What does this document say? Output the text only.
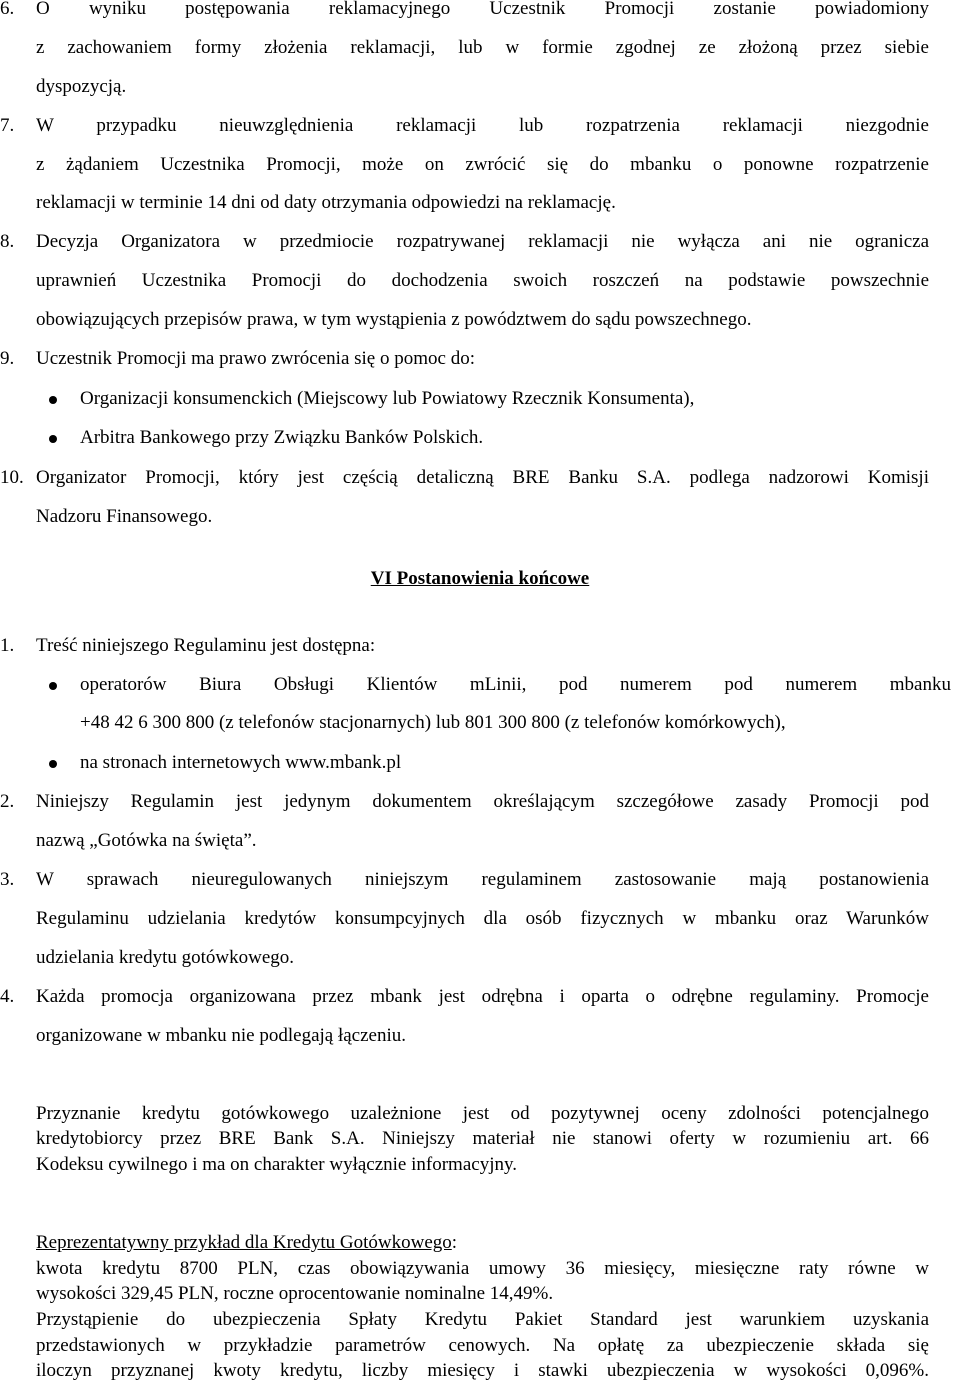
6. O wyniku postępowania reklamacyjnego Uczestnik Promocji zostanie powiadomiony
z zachowaniem formy złożenia reklamacji, lub w formie zgodnej ze złożoną przez siebie
dyspozycją.
7. W przypadku nieuwzględnienia reklamacji lub rozpatrzenia reklamacji niezgodnie
z żądaniem Uczestnika Promocji, może on zwrócić się do mbanku o ponowne rozpatrzenie
reklamacji w terminie 14 dni od daty otrzymania odpowiedzi na reklamację.
8. Decyzja Organizatora w przedmiocie rozpatrywanej reklamacji nie wyłącza ani nie ogranicza
uprawnień Uczestnika Promocji do dochodzenia swoich roszczeń na podstawie powszechnie
obowiązujących przepisów prawa, w tym wystąpienia z powództwem do sądu powszechnego.
9. Uczestnik Promocji ma prawo zwrócenia się o pomoc do:
Organizacji konsumenckich (Miejscowy lub Powiatowy Rzecznik Konsumenta),
Arbitra Bankowego przy Związku Banków Polskich.
10. Organizator Promocji, który jest częścią detaliczną BRE Banku S.A. podlega nadzorowi Komisji
Nadzoru Finansowego.
VI Postanowienia końcowe
1. Treść niniejszego Regulaminu jest dostępna:
operatorów Biura Obsługi Klientów mLinii, pod numerem pod numerem mbanku
+48 42 6 300 800 (z telefonów stacjonarnych) lub 801 300 800 (z telefonów komórkowych),
na stronach internetowych www.mbank.pl
2. Niniejszy Regulamin jest jedynym dokumentem określającym szczegółowe zasady Promocji pod
nazwą „Gotówka na święta”.
3. W sprawach nieuregulowanych niniejszym regulaminem zastosowanie mają postanowienia
Regulaminu udzielania kredytów konsumpcyjnych dla osób fizycznych w mbanku oraz Warunków
udzielania kredytu gotówkowego.
4. Każda promocja organizowana przez mbank jest odrębna i oparta o odrębne regulaminy. Promocje
organizowane w mbanku nie podlegają łączeniu.
Przyznanie kredytu gotówkowego uzależnione jest od pozytywnej oceny zdolności potencjalnego
kredytobiorcy przez BRE Bank S.A. Niniejszy materiał nie stanowi oferty w rozumieniu art. 66
Kodeksu cywilnego i ma on charakter wyłącznie informacyjny.
Reprezentatywny przykład dla Kredytu Gotówkowego:
kwota kredytu 8700 PLN, czas obowiązywania umowy 36 miesięcy, miesięczne raty równe w
wysokości 329,45 PLN, roczne oprocentowanie nominalne 14,49%.
Przystąpienie do ubezpieczenia Spłaty Kredytu Pakiet Standard jest warunkiem uzyskania
przedstawionych w przykładzie parametrów cenowych. Na opłatę za ubezpieczenie składa się
iloczyn przyznanej kwoty kredytu, liczby miesięcy i stawki ubezpieczenia w wysokości 0,096%.
